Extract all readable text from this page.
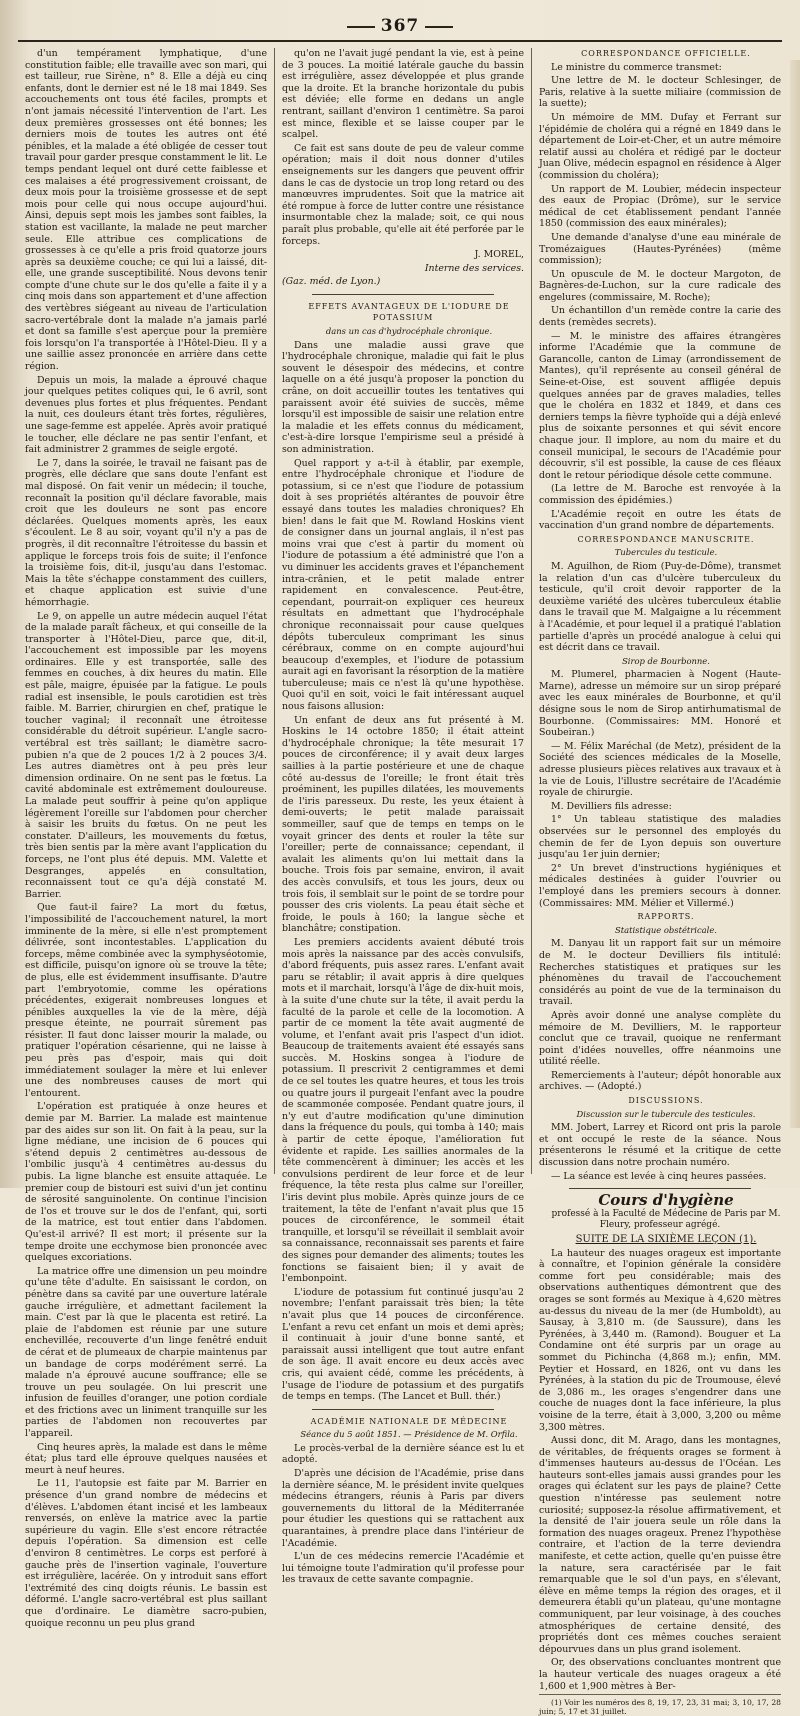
367

d'un tempérament lymphatique, d'une constitution faible; elle travaille avec son mari, qui est tailleur, rue Sirène, n° 8. Elle a déjà eu cinq enfants, dont le dernier est né le 18 mai 1849. Ses accouchements ont tous été faciles, prompts et n'ont jamais nécessité l'intervention de l'art. Les deux premières grossesses ont été bonnes; les derniers mois de toutes les autres ont été pénibles, et la malade a été obligée de cesser tout travail pour garder presque constamment le lit. Le temps pendant lequel ont duré cette faiblesse et ces malaises a été progressivement croissant, de deux mois pour la troisième grossesse et de sept mois pour celle qui nous occupe aujourd'hui. Ainsi, depuis sept mois les jambes sont faibles, la station est vacillante, la malade ne peut marcher seule. Elle attribue ces complications de grossesses à ce qu'elle a pris froid quatorze jours après sa deuxième couche; ce qui lui a laissé, dit-elle, une grande susceptibilité. Nous devons tenir compte d'une chute sur le dos qu'elle a faite il y a cinq mois dans son appartement et d'une affection des vertèbres siégeant au niveau de l'articulation sacro-vertébrale dont la malade n'a jamais parlé et dont sa famille s'est aperçue pour la première fois lorsqu'on l'a transportée à l'Hôtel-Dieu. Il y a une saillie assez prononcée en arrière dans cette région.

Depuis un mois, la malade a éprouvé chaque jour quelques petites coliques qui, le 6 avril, sont devenues plus fortes et plus fréquentes. Pendant la nuit, ces douleurs étant très fortes, régulières, une sage-femme est appelée. Après avoir pratiqué le toucher, elle déclare ne pas sentir l'enfant, et fait administrer 2 grammes de seigle ergoté.

Le 7, dans la soirée, le travail ne faisant pas de progrès, elle déclare que sans doute l'enfant est mal disposé. On fait venir un médecin; il touche, reconnaît la position qu'il déclare favorable, mais croit que les douleurs ne sont pas encore déclarées. Quelques moments après, les eaux s'écoulent. Le 8 au soir, voyant qu'il n'y a pas de progrès, il dit reconnaître l'étroitesse du bassin et applique le forceps trois fois de suite; il l'enfonce la troisième fois, dit-il, jusqu'au dans l'estomac. Mais la tête s'échappe constamment des cuillers, et chaque application est suivie d'une hémorrhagie.

Le 9, on appelle un autre médecin auquel l'état de la malade paraît fâcheux, et qui conseille de la transporter à l'Hôtel-Dieu, parce que, dit-il, l'accouchement est impossible par les moyens ordinaires. Elle y est transportée, salle des femmes en couches, à dix heures du matin. Elle est pâle, maigre, épuisée par la fatigue. Le pouls radial est insensible, le pouls carotidien est très faible. M. Barrier, chirurgien en chef, pratique le toucher vaginal; il reconnaît une étroitesse considérable du détroit supérieur. L'angle sacro-vertébral est très saillant; le diamètre sacro-pubien n'a que de 2 pouces 1/2 à 2 pouces 3/4. Les autres diamètres ont à peu près leur dimension ordinaire. On ne sent pas le fœtus. La cavité abdominale est extrêmement douloureuse. La malade peut souffrir à peine qu'on applique légèrement l'oreille sur l'abdomen pour chercher à saisir les bruits du fœtus. On ne peut les constater. D'ailleurs, les mouvements du fœtus, très bien sentis par la mère avant l'application du forceps, ne l'ont plus été depuis. MM. Valette et Desgranges, appelés en consultation, reconnaissent tout ce qu'a déjà constaté M. Barrier.

Que faut-il faire? La mort du fœtus, l'impossibilité de l'accouchement naturel, la mort imminente de la mère, si elle n'est promptement délivrée, sont incontestables. L'application du forceps, même combinée avec la symphyséotomie, est difficile, puisqu'on ignore où se trouve la tête; de plus, elle est évidemment insuffisante. D'autre part l'embryotomie, comme les opérations précédentes, exigerait nombreuses longues et pénibles auxquelles la vie de la mère, déjà presque éteinte, ne pourrait sûrement pas résister. Il faut donc laisser mourir la malade, ou pratiquer l'opération césarienne, qui ne laisse à peu près pas d'espoir, mais qui doit immédiatement soulager la mère et lui enlever une des nombreuses causes de mort qui l'entourent.

L'opération est pratiquée à onze heures et demie par M. Barrier. La malade est maintenue par des aides sur son lit. On fait à la peau, sur la ligne médiane, une incision de 6 pouces qui s'étend depuis 2 centimètres au-dessous de l'ombilic jusqu'à 4 centimètres au-dessus du pubis. La ligne blanche est ensuite attaquée. Le premier coup de bistouri est suivi d'un jet continu de sérosité sanguinolente. On continue l'incision de l'os et trouve sur le dos de l'enfant, qui, sorti de la matrice, est tout entier dans l'abdomen. Qu'est-il arrivé? Il est mort; il présente sur la tempe droite une ecchymose bien prononcée avec quelques excoriations.

La matrice offre une dimension un peu moindre qu'une tête d'adulte. En saisissant le cordon, on pénètre dans sa cavité par une ouverture latérale gauche irrégulière, et admettant facilement la main. C'est par là que le placenta est retiré. La plaie de l'abdomen est réunie par une suture enchevillée, recouverte d'un linge fenêtré enduit de cérat et de plumeaux de charpie maintenus par un bandage de corps modérément serré. La malade n'a éprouvé aucune souffrance; elle se trouve un peu soulagée. On lui prescrit une infusion de feuilles d'oranger, une potion cordiale et des frictions avec un liniment tranquille sur les parties de l'abdomen non recouvertes par l'appareil.

Cinq heures après, la malade est dans le même état; plus tard elle éprouve quelques nausées et meurt à neuf heures.

Le 11, l'autopsie est faite par M. Barrier en présence d'un grand nombre de médecins et d'élèves. L'abdomen étant incisé et les lambeaux renversés, on enlève la matrice avec la partie supérieure du vagin. Elle s'est encore rétractée depuis l'opération. Sa dimension est celle d'environ 8 centimètres. Le corps est perforé à gauche près de l'insertion vaginale, l'ouverture est irrégulière, lacérée. On y introduit sans effort l'extrémité des cinq doigts réunis. Le bassin est déformé. L'angle sacro-vertébral est plus saillant que d'ordinaire. Le diamètre sacro-pubien, quoique reconnu un peu plus grand

qu'on ne l'avait jugé pendant la vie, est à peine de 3 pouces. La moitié latérale gauche du bassin est irrégulière, assez développée et plus grande que la droite. Et la branche horizontale du pubis est déviée; elle forme en dedans un angle rentrant, saillant d'environ 1 centimètre. Sa paroi est mince, flexible et se laisse couper par le scalpel.

Ce fait est sans doute de peu de valeur comme opération; mais il doit nous donner d'utiles enseignements sur les dangers que peuvent offrir dans le cas de dystocie un trop long retard ou des manœuvres imprudentes. Soit que la matrice ait été rompue à force de lutter contre une résistance insurmontable chez la malade; soit, ce qui nous paraît plus probable, qu'elle ait été perforée par le forceps.

J. MOREL,

Interne des services.

(Gaz. méd. de Lyon.)

EFFETS AVANTAGEUX DE L'IODURE DE POTASSIUM

dans un cas d'hydrocéphale chronique.

Dans une maladie aussi grave que l'hydrocéphale chronique, maladie qui fait le plus souvent le désespoir des médecins, et contre laquelle on a été jusqu'à proposer la ponction du crâne, on doit accueillir toutes les tentatives qui paraissent avoir été suivies de succès, même lorsqu'il est impossible de saisir une relation entre la maladie et les effets connus du médicament, c'est-à-dire lorsque l'empirisme seul a présidé à son administration.

Quel rapport y a-t-il à établir, par exemple, entre l'hydrocéphale chronique et l'iodure de potassium, si ce n'est que l'iodure de potassium doit à ses propriétés altérantes de pouvoir être essayé dans toutes les maladies chroniques? Eh bien! dans le fait que M. Rowland Hoskins vient de consigner dans un journal anglais, il n'est pas moins vrai que c'est à partir du moment où l'iodure de potassium a été administré que l'on a vu diminuer les accidents graves et l'épanchement intra-crânien, et le petit malade entrer rapidement en convalescence. Peut-être, cependant, pourrait-on expliquer ces heureux résultats en admettant que l'hydrocéphale chronique reconnaissait pour cause quelques dépôts tuberculeux comprimant les sinus cérébraux, comme on en compte aujourd'hui beaucoup d'exemples, et l'iodure de potassium aurait agi en favorisant la résorption de la matière tuberculeuse; mais ce n'est là qu'une hypothèse. Quoi qu'il en soit, voici le fait intéressant auquel nous faisons allusion:

Un enfant de deux ans fut présenté à M. Hoskins le 14 octobre 1850; il était atteint d'hydrocéphale chronique; la tête mesurait 17 pouces de circonférence; il y avait deux larges saillies à la partie postérieure et une de chaque côté au-dessus de l'oreille; le front était très proéminent, les pupilles dilatées, les mouvements de l'iris paresseux. Du reste, les yeux étaient à demi-ouverts; le petit malade paraissait sommeiller, sauf que de temps en temps on le voyait grincer des dents et rouler la tête sur l'oreiller; perte de connaissance; cependant, il avalait les aliments qu'on lui mettait dans la bouche. Trois fois par semaine, environ, il avait des accès convulsifs, et tous les jours, deux ou trois fois, il semblait sur le point de se tordre pour pousser des cris violents. La peau était sèche et froide, le pouls à 160; la langue sèche et blanchâtre; constipation.

Les premiers accidents avaient débuté trois mois après la naissance par des accès convulsifs, d'abord fréquents, puis assez rares. L'enfant avait paru se rétablir; il avait appris à dire quelques mots et il marchait, lorsqu'à l'âge de dix-huit mois, à la suite d'une chute sur la tête, il avait perdu la faculté de la parole et celle de la locomotion. A partir de ce moment la tête avait augmenté de volume, et l'enfant avait pris l'aspect d'un idiot. Beaucoup de traitements avaient été essayés sans succès. M. Hoskins songea à l'iodure de potassium. Il prescrivit 2 centigrammes et demi de ce sel toutes les quatre heures, et tous les trois ou quatre jours il purgeait l'enfant avec la poudre de scammonée composée. Pendant quatre jours, il n'y eut d'autre modification qu'une diminution dans la fréquence du pouls, qui tomba à 140; mais à partir de cette époque, l'amélioration fut évidente et rapide. Les saillies anormales de la tête commencèrent à diminuer; les accès et les convulsions perdirent de leur force et de leur fréquence, la tête resta plus calme sur l'oreiller, l'iris devint plus mobile. Après quinze jours de ce traitement, la tête de l'enfant n'avait plus que 15 pouces de circonférence, le sommeil était tranquille, et lorsqu'il se réveillait il semblait avoir sa connaissance, reconnaissait ses parents et faire des signes pour demander des aliments; toutes les fonctions se faisaient bien; il y avait de l'embonpoint.

L'iodure de potassium fut continué jusqu'au 2 novembre; l'enfant paraissait très bien; la tête n'avait plus que 14 pouces de circonférence. L'enfant a revu cet enfant un mois et demi après; il continuait à jouir d'une bonne santé, et paraissait aussi intelligent que tout autre enfant de son âge. Il avait encore eu deux accès avec cris, qui avaient cédé, comme les précédents, à l'usage de l'iodure de potassium et des purgatifs de temps en temps. (The Lancet et Bull. thér.)

ACADÉMIE NATIONALE DE MÉDECINE

Séance du 5 août 1851. — Présidence de M. Orfila.

Le procès-verbal de la dernière séance est lu et adopté.

D'après une décision de l'Académie, prise dans la dernière séance, M. le président invite quelques médecins étrangers, réunis à Paris par divers gouvernements du littoral de la Méditerranée pour étudier les questions qui se rattachent aux quarantaines, à prendre place dans l'intérieur de l'Académie.

L'un de ces médecins remercie l'Académie et lui témoigne toute l'admiration qu'il professe pour les travaux de cette savante compagnie.

CORRESPONDANCE OFFICIELLE.

Le ministre du commerce transmet:

Une lettre de M. le docteur Schlesinger, de Paris, relative à la suette miliaire (commission de la suette);

Un mémoire de MM. Dufay et Ferrant sur l'épidémie de choléra qui a régné en 1849 dans le département de Loir-et-Cher, et un autre mémoire relatif aussi au choléra et rédigé par le docteur Juan Olive, médecin espagnol en résidence à Alger (commission du choléra);

Un rapport de M. Loubier, médecin inspecteur des eaux de Propiac (Drôme), sur le service médical de cet établissement pendant l'année 1850 (commission des eaux minérales);

Une demande d'analyse d'une eau minérale de Tromézaigues (Hautes-Pyrénées) (même commission);

Un opuscule de M. le docteur Margoton, de Bagnères-de-Luchon, sur la cure radicale des engelures (commissaire, M. Roche);

Un échantillon d'un remède contre la carie des dents (remèdes secrets).

— M. le ministre des affaires étrangères informe l'Académie que la commune de Garancolle, canton de Limay (arrondissement de Mantes), qu'il représente au conseil général de Seine-et-Oise, est souvent affligée depuis quelques années par de graves maladies, telles que le choléra en 1832 et 1849, et dans ces derniers temps la fièvre typhoïde qui a déjà enlevé plus de soixante personnes et qui sévit encore chaque jour. Il implore, au nom du maire et du conseil municipal, le secours de l'Académie pour découvrir, s'il est possible, la cause de ces fléaux dont le retour périodique désole cette commune.

(La lettre de M. Baroche est renvoyée à la commission des épidémies.)

L'Académie reçoit en outre les états de vaccination d'un grand nombre de départements.

CORRESPONDANCE MANUSCRITE.

Tubercules du testicule.

M. Aguilhon, de Riom (Puy-de-Dôme), transmet la relation d'un cas d'ulcère tuberculeux du testicule, qu'il croit devoir rapporter de la deuxième variété des ulcères tuberculeux établie dans le travail que M. Malgaigne a lu récemment à l'Académie, et pour lequel il a pratiqué l'ablation partielle d'après un procédé analogue à celui qui est décrit dans ce travail.

Sirop de Bourbonne.

M. Plumerel, pharmacien à Nogent (Haute-Marne), adresse un mémoire sur un sirop préparé avec les eaux minérales de Bourbonne, et qu'il désigne sous le nom de Sirop antirhumatismal de Bourbonne. (Commissaires: MM. Honoré et Soubeiran.)

— M. Félix Maréchal (de Metz), président de la Société des sciences médicales de la Moselle, adresse plusieurs pièces relatives aux travaux et à la vie de Louis, l'illustre secrétaire de l'Académie royale de chirurgie.

M. Devilliers fils adresse:

1° Un tableau statistique des maladies observées sur le personnel des employés du chemin de fer de Lyon depuis son ouverture jusqu'au 1er juin dernier;

2° Un brevet d'instructions hygiéniques et médicales destinées à guider l'ouvrier ou l'employé dans les premiers secours à donner. (Commissaires: MM. Mélier et Villermé.)

RAPPORTS.

Statistique obstétricale.

M. Danyau lit un rapport fait sur un mémoire de M. le docteur Devilliers fils intitulé: Recherches statistiques et pratiques sur les phénomènes du travail de l'accouchement considérés au point de vue de la terminaison du travail.

Après avoir donné une analyse complète du mémoire de M. Devilliers, M. le rapporteur conclut que ce travail, quoique ne renfermant point d'idées nouvelles, offre néanmoins une utilité réelle.

Remerciements à l'auteur; dépôt honorable aux archives. — (Adopté.)

DISCUSSIONS.

Discussion sur le tubercule des testicules.

MM. Jobert, Larrey et Ricord ont pris la parole et ont occupé le reste de la séance. Nous présenterons le résumé et la critique de cette discussion dans notre prochain numéro.

— La séance est levée à cinq heures passées.

Cours d'hygiène

professé à la Faculté de Médecine de Paris par M. Fleury, professeur agrégé.

SUITE DE LA SIXIÈME LEÇON (1).

La hauteur des nuages orageux est importante à connaître, et l'opinion générale la considère comme fort peu considérable; mais des observations authentiques démontrent que des orages se sont formés au Mexique à 4,620 mètres au-dessus du niveau de la mer (de Humboldt), au Sausay, à 3,810 m. (de Saussure), dans les Pyrénées, à 3,440 m. (Ramond). Bouguer et La Condamine ont été surpris par un orage au sommet du Pichincha (4,868 m.); enfin, MM. Peytier et Hossard, en 1826, ont vu dans les Pyrénées, à la station du pic de Troumouse, élevé de 3,086 m., les orages s'engendrer dans une couche de nuages dont la face inférieure, la plus voisine de la terre, était à 3,000, 3,200 ou même 3,300 mètres.

Aussi donc, dit M. Arago, dans les montagnes, de véritables, de fréquents orages se forment à d'immenses hauteurs au-dessus de l'Océan. Les hauteurs sont-elles jamais aussi grandes pour les orages qui éclatent sur les pays de plaine? Cette question n'intéresse pas seulement notre curiosité; supposez-la résolue affirmativement, et la densité de l'air jouera seule un rôle dans la formation des nuages orageux. Prenez l'hypothèse contraire, et l'action de la terre deviendra manifeste, et cette action, quelle qu'en puisse être la nature, sera caractérisée par le fait remarquable que le sol d'un pays, en s'élevant, élève en même temps la région des orages, et il demeurera établi qu'un plateau, qu'une montagne communiquent, par leur voisinage, à des couches atmosphériques de certaine densité, des propriétés dont ces mêmes couches seraient dépourvues dans un plus grand isolement.

Or, des observations concluantes montrent que la hauteur verticale des nuages orageux a été 1,600 et 1,900 mètres à Ber-

(1) Voir les numéros des 8, 19, 17, 23, 31 mai; 3, 10, 17, 28 juin; 5, 17 et 31 juillet.
